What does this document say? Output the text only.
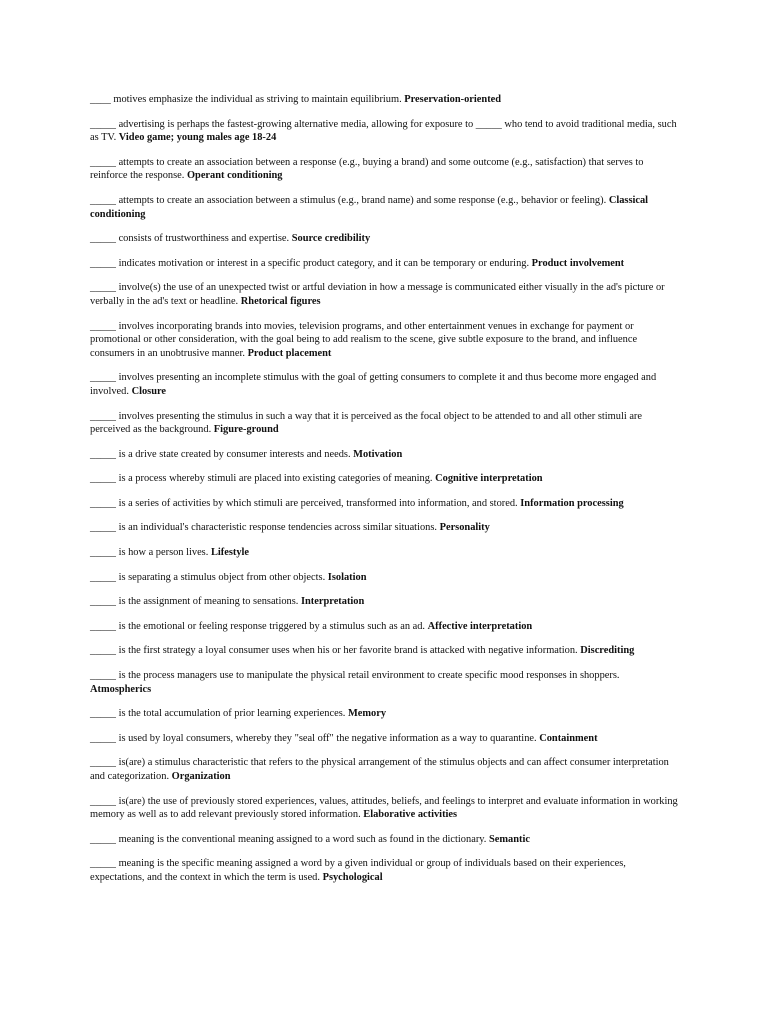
____ motives emphasize the individual as striving to maintain equilibrium. Preservation-oriented

_____ advertising is perhaps the fastest-growing alternative media, allowing for exposure to _____ who tend to avoid traditional media, such as TV. Video game; young males age 18-24

_____ attempts to create an association between a response (e.g., buying a brand) and some outcome (e.g., satisfaction) that serves to reinforce the response. Operant conditioning

_____ attempts to create an association between a stimulus (e.g., brand name) and some response (e.g., behavior or feeling). Classical conditioning

_____ consists of trustworthiness and expertise. Source credibility

_____ indicates motivation or interest in a specific product category, and it can be temporary or enduring. Product involvement

_____ involve(s) the use of an unexpected twist or artful deviation in how a message is communicated either visually in the ad's picture or verbally in the ad's text or headline. Rhetorical figures

_____ involves incorporating brands into movies, television programs, and other entertainment venues in exchange for payment or promotional or other consideration, with the goal being to add realism to the scene, give subtle exposure to the brand, and influence consumers in an unobtrusive manner. Product placement

_____ involves presenting an incomplete stimulus with the goal of getting consumers to complete it and thus become more engaged and involved. Closure

_____ involves presenting the stimulus in such a way that it is perceived as the focal object to be attended to and all other stimuli are perceived as the background. Figure-ground

_____ is a drive state created by consumer interests and needs. Motivation

_____ is a process whereby stimuli are placed into existing categories of meaning. Cognitive interpretation

_____ is a series of activities by which stimuli are perceived, transformed into information, and stored. Information processing

_____ is an individual's characteristic response tendencies across similar situations. Personality

_____ is how a person lives. Lifestyle

_____ is separating a stimulus object from other objects. Isolation

_____ is the assignment of meaning to sensations. Interpretation

_____ is the emotional or feeling response triggered by a stimulus such as an ad. Affective interpretation

_____ is the first strategy a loyal consumer uses when his or her favorite brand is attacked with negative information. Discrediting

_____ is the process managers use to manipulate the physical retail environment to create specific mood responses in shoppers. Atmospherics

_____ is the total accumulation of prior learning experiences. Memory

_____ is used by loyal consumers, whereby they "seal off" the negative information as a way to quarantine. Containment

_____ is(are) a stimulus characteristic that refers to the physical arrangement of the stimulus objects and can affect consumer interpretation and categorization. Organization

_____ is(are) the use of previously stored experiences, values, attitudes, beliefs, and feelings to interpret and evaluate information in working memory as well as to add relevant previously stored information. Elaborative activities

_____ meaning is the conventional meaning assigned to a word such as found in the dictionary. Semantic

_____ meaning is the specific meaning assigned a word by a given individual or group of individuals based on their experiences, expectations, and the context in which the term is used. Psychological
